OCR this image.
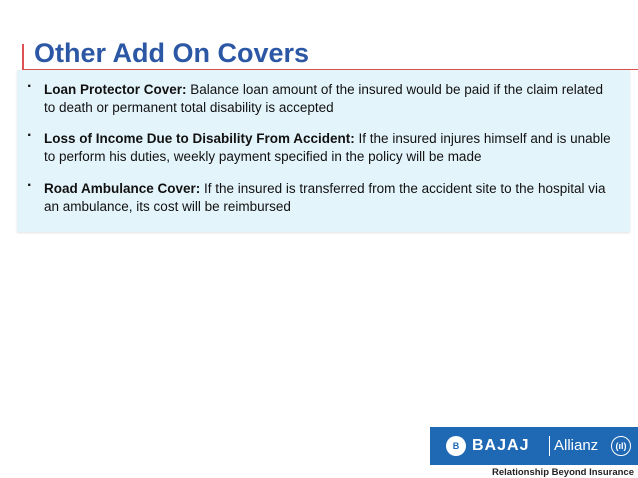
Other Add On Covers
· Loan Protector Cover: Balance loan amount of the insured would be paid if the claim related to death or permanent total disability is accepted
· Loss of Income Due to Disability From Accident: If the insured injures himself and is unable to perform his duties, weekly payment specified in the policy will be made
· Road Ambulance Cover: If the insured is transferred from the accident site to the hospital via an ambulance, its cost will be reimbursed
B BAJAJ Allianz	(ıl)
Relationship Beyond Insurance
